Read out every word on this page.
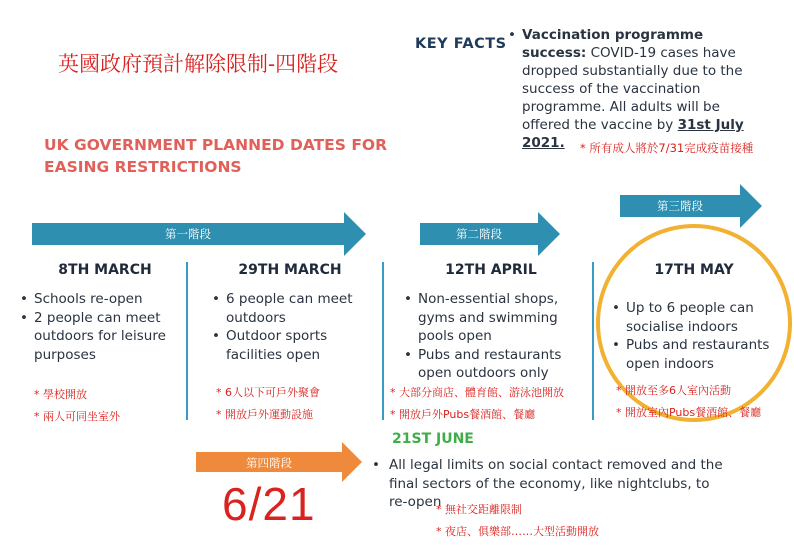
英國政府預計解除限制-四階段
UK GOVERNMENT PLANNED DATES FOR EASING RESTRICTIONS
KEY FACTS
• Vaccination programme success: COVID-19 cases have dropped substantially due to the success of the vaccination programme. All adults will be offered the vaccine by 31st July 2021.	* 所有成人將於7/31完成疫苗接種
第一階段	第二階段
第三階段
第四階段
8TH MARCH	29TH MARCH	12TH APRIL	17TH MAY
• Schools re-open
• 2 people can meet outdoors for leisure purposes
* 學校開放
* 兩人可同坐室外
• 6 people can meet outdoors
• Outdoor sports facilities open
* 6人以下可戶外聚會
* 開放戶外運動設施
• Non-essential shops, gyms and swimming pools open
• Pubs and restaurants open outdoors only
* 大部分商店、體育館、游泳池開放
* 開放戶外Pubs餐酒館、餐廳
• Up to 6 people can socialise indoors
• Pubs and restaurants open indoors
* 開放至多6人室內活動
* 開放室內Pubs餐酒館、餐廳
21ST JUNE
• All legal limits on social contact removed and the final sectors of the economy, like nightclubs, to re-open
* 無社交距離限制
* 夜店、俱樂部……大型活動開放
6/21
